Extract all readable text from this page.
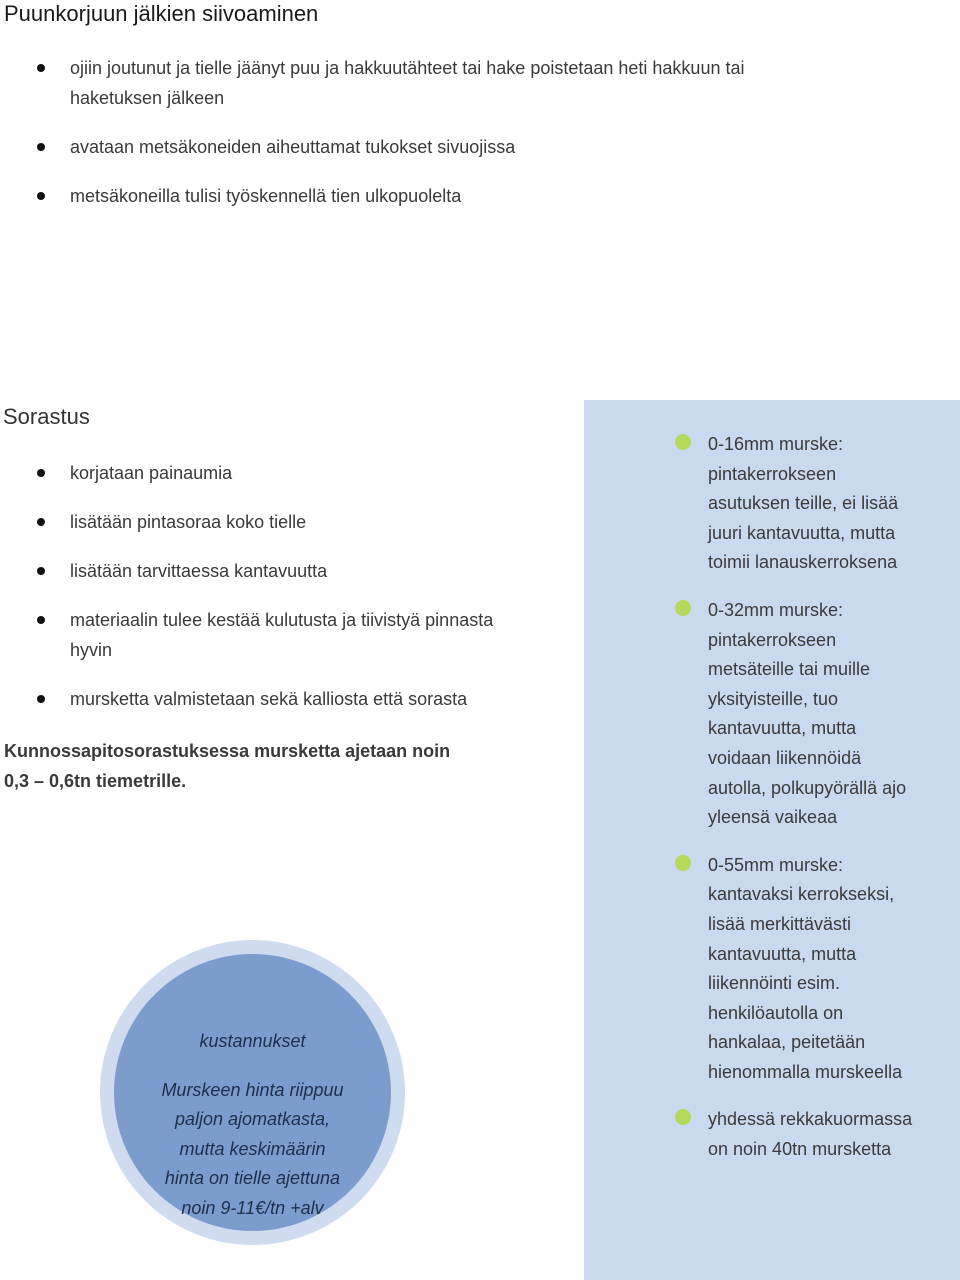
Puunkorjuun jälkien siivoaminen
ojiin joutunut ja tielle jäänyt puu ja hakkuutähteet tai hake poistetaan heti hakkuun tai
haketuksen jälkeen
avataan metsäkoneiden aiheuttamat tukokset sivuojissa
metsäkoneilla tulisi työskennellä tien ulkopuolelta
Sorastus
korjataan painaumia
lisätään pintasoraa koko tielle
lisätään tarvittaessa kantavuutta
materiaalin tulee kestää kulutusta ja tiivistyä pinnasta
hyvin
mursketta valmistetaan sekä kalliosta että sorasta
Kunnossapitosorastuksessa mursketta ajetaan noin
0,3 – 0,6tn tiemetrille.
kustannukset
Murskeen hinta riippuu
paljon ajomatkasta,
mutta keskimäärin
hinta on tielle ajettuna
noin 9-11€/tn +alv
0-16mm murske:
pintakerrokseen
asutuksen teille, ei lisää
juuri kantavuutta, mutta
toimii lanauskerroksena
0-32mm murske:
pintakerrokseen
metsäteille tai muille
yksityisteille, tuo
kantavuutta, mutta
voidaan liikennöidä
autolla, polkupyörällä ajo
yleensä vaikeaa
0-55mm murske:
kantavaksi kerrokseksi,
lisää merkittävästi
kantavuutta, mutta
liikennöinti esim.
henkilöautolla on
hankalaa, peitetään
hienommalla murskeella
yhdessä rekkakuormassa
on noin 40tn mursketta
